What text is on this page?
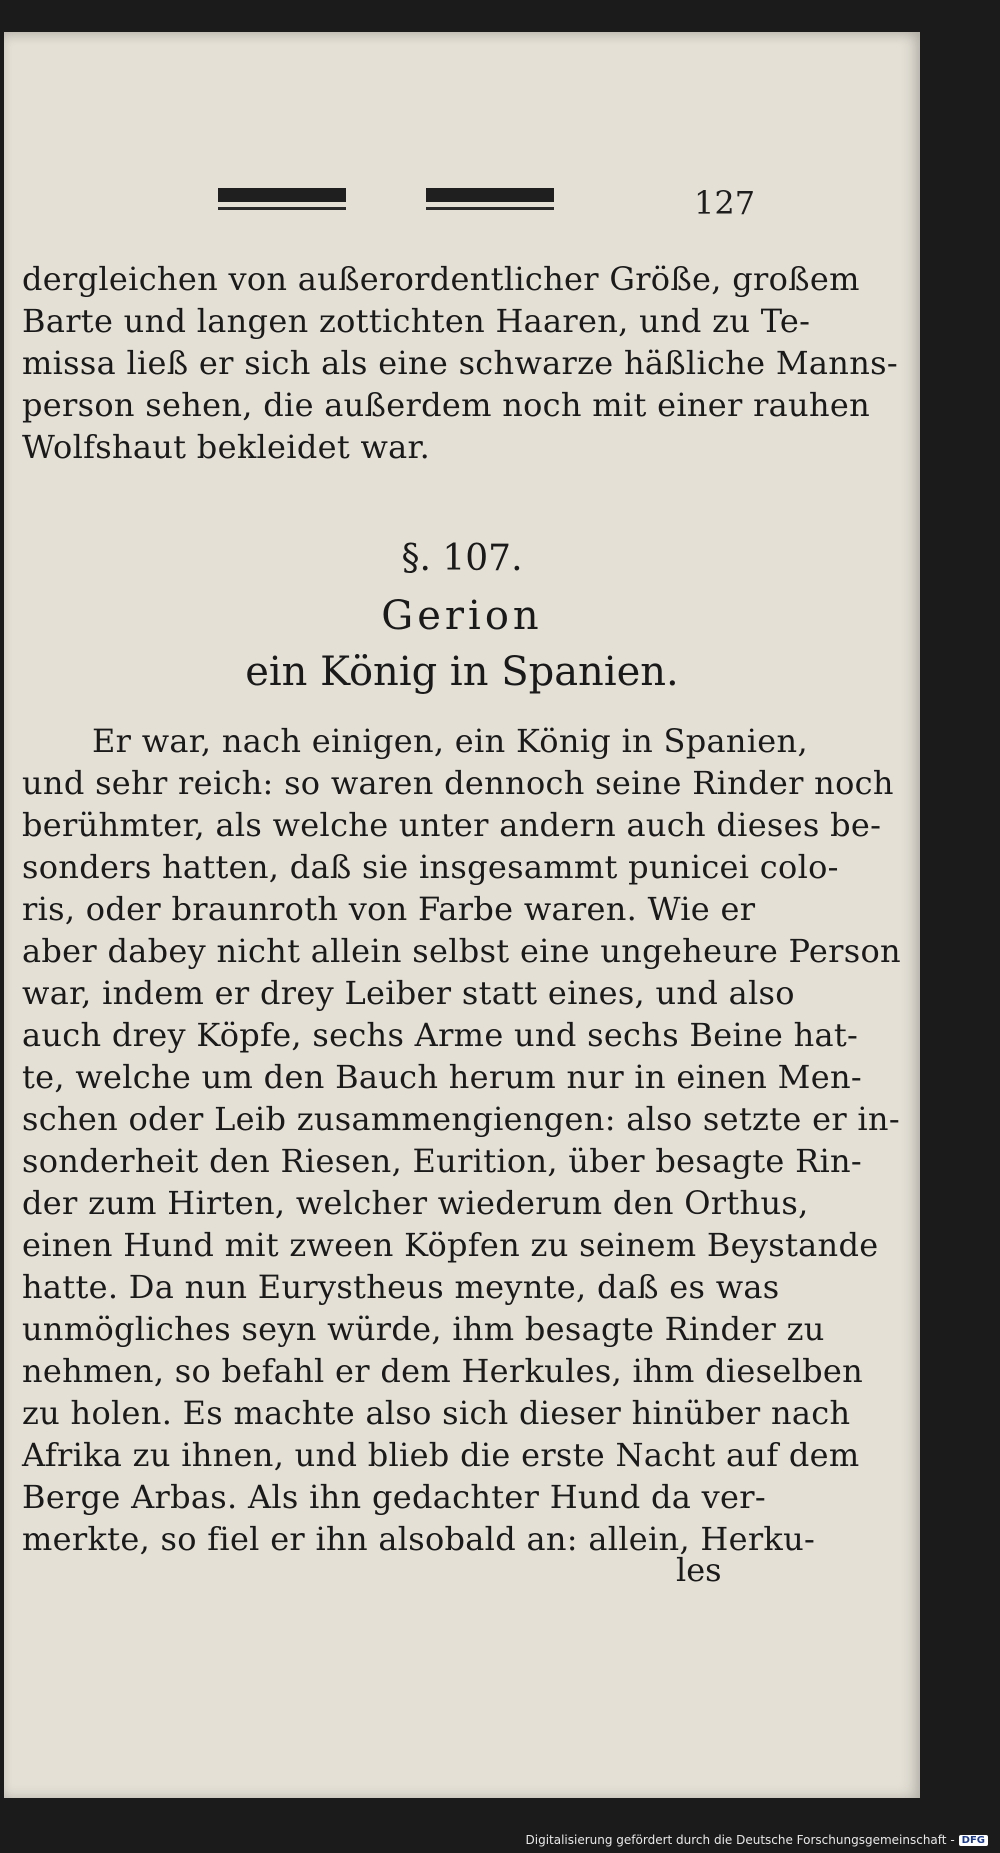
127
dergleichen von außerordentlicher Größe, großem
Barte und langen zottichten Haaren, und zu Te-
missa ließ er sich als eine schwarze häßliche Manns-
person sehen, die außerdem noch mit einer rauhen
Wolfshaut bekleidet war.
§. 107.
Gerion
ein König in Spanien.
Er war, nach einigen, ein König in Spanien,
und sehr reich: so waren dennoch seine Rinder noch
berühmter, als welche unter andern auch dieses be-
sonders hatten, daß sie insgesammt punicei colo-
ris, oder braunroth von Farbe waren. Wie er
aber dabey nicht allein selbst eine ungeheure Person
war, indem er drey Leiber statt eines, und also
auch drey Köpfe, sechs Arme und sechs Beine hat-
te, welche um den Bauch herum nur in einen Men-
schen oder Leib zusammengiengen: also setzte er in-
sonderheit den Riesen, Eurition, über besagte Rin-
der zum Hirten, welcher wiederum den Orthus,
einen Hund mit zween Köpfen zu seinem Beystande
hatte. Da nun Eurystheus meynte, daß es was
unmögliches seyn würde, ihm besagte Rinder zu
nehmen, so befahl er dem Herkules, ihm dieselben
zu holen. Es machte also sich dieser hinüber nach
Afrika zu ihnen, und blieb die erste Nacht auf dem
Berge Arbas. Als ihn gedachter Hund da ver-
merkte, so fiel er ihn alsobald an: allein, Herku-
les
Digitalisierung gefördert durch die Deutsche Forschungsgemeinschaft - DFG
